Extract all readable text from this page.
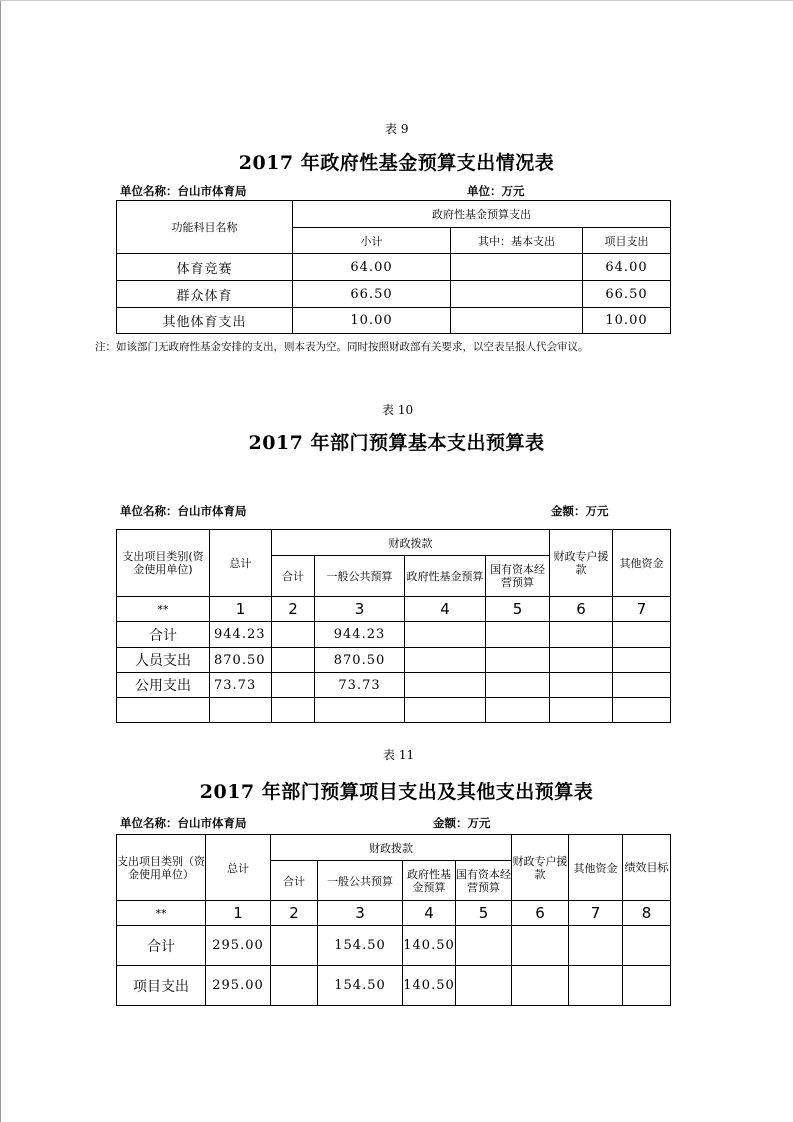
表 9
2017 年政府性基金预算支出情况表
单位名称：台山市体育局	单位：万元
功能科目名称	政府性基金预算支出		
	小计	其中：基本支出	项目支出
体育竞赛	64.00		64.00
群众体育	66.50		66.50
其他体育支出	10.00		10.00
注：如该部门无政府性基金安排的支出，则本表为空。同时按照财政部有关要求，以空表呈报人代会审议。
表 10
2017 年部门预算基本支出预算表
单位名称：台山市体育局	金额：万元
支出项目类别(资金使用单位)	总计	财政拨款				财政专户援款	其他资金
		合计	一般公共预算	政府性基金预算	国有资本经营预算		
**	1	2	3	4	5	6	7
合计	944.23		944.23				
人员支出	870.50		870.50				
公用支出	73.73		73.73				

表 11
2017 年部门预算项目支出及其他支出预算表
单位名称：台山市体育局	金额：万元
支出项目类别（资金使用单位）	总计	财政拨款				财政专户援款	其他资金	绩效目标
		合计	一般公共预算	政府性基金预算	国有资本经营预算			
**	1	2	3	4	5	6	7	8
合计	295.00		154.50	140.50				
项目支出	295.00		154.50	140.50				
